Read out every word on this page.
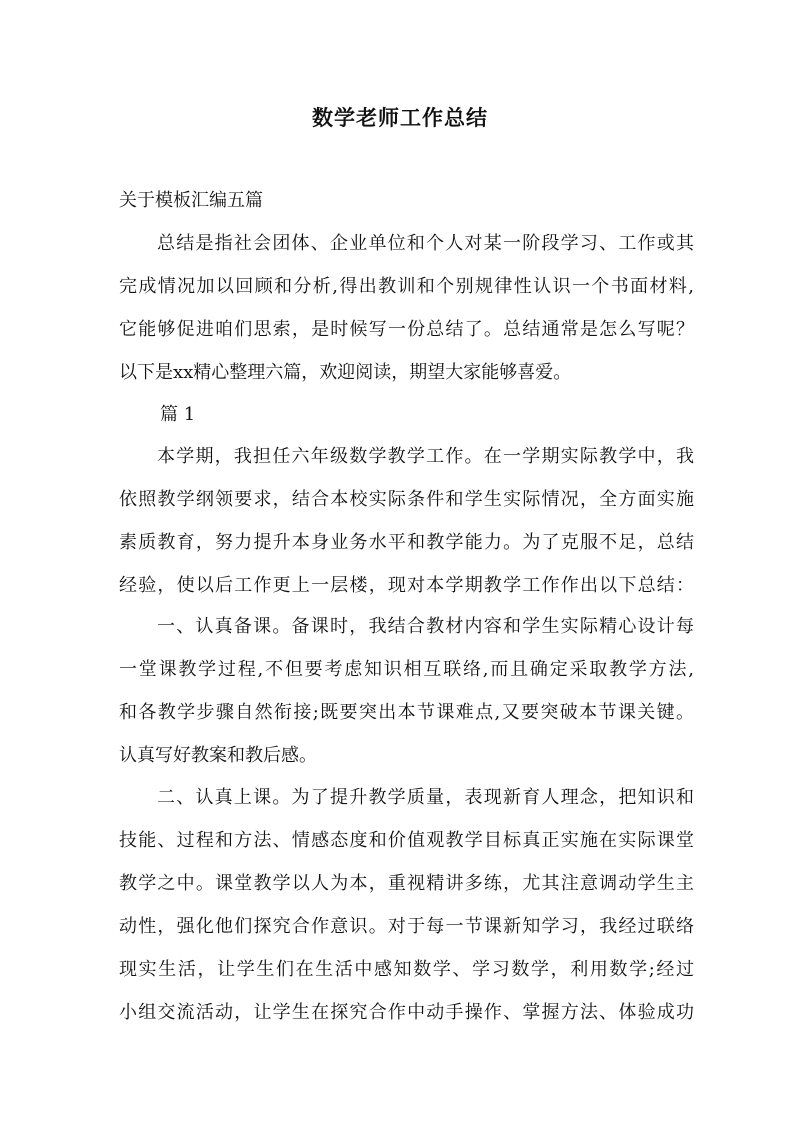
数学老师工作总结
关于模板汇编五篇
总结是指社会团体、企业单位和个人对某一阶段学习、工作或其
完成情况加以回顾和分析,得出教训和个别规律性认识一个书面材料,
它能够促进咱们思索，是时候写一份总结了。总结通常是怎么写呢？
以下是xx精心整理六篇，欢迎阅读，期望大家能够喜爱。
篇 1
本学期，我担任六年级数学教学工作。在一学期实际教学中，我
依照教学纲领要求，结合本校实际条件和学生实际情况，全方面实施
素质教育，努力提升本身业务水平和教学能力。为了克服不足，总结
经验，使以后工作更上一层楼，现对本学期教学工作作出以下总结：
一、认真备课。备课时，我结合教材内容和学生实际精心设计每
一堂课教学过程,不但要考虑知识相互联络,而且确定采取教学方法,
和各教学步骤自然衔接;既要突出本节课难点,又要突破本节课关键。
认真写好教案和教后感。
二、认真上课。为了提升教学质量，表现新育人理念，把知识和
技能、过程和方法、情感态度和价值观教学目标真正实施在实际课堂
教学之中。课堂教学以人为本，重视精讲多练，尤其注意调动学生主
动性，强化他们探究合作意识。对于每一节课新知学习，我经过联络
现实生活，让学生们在生活中感知数学、学习数学，利用数学;经过
小组交流活动，让学生在探究合作中动手操作、掌握方法、体验成功
